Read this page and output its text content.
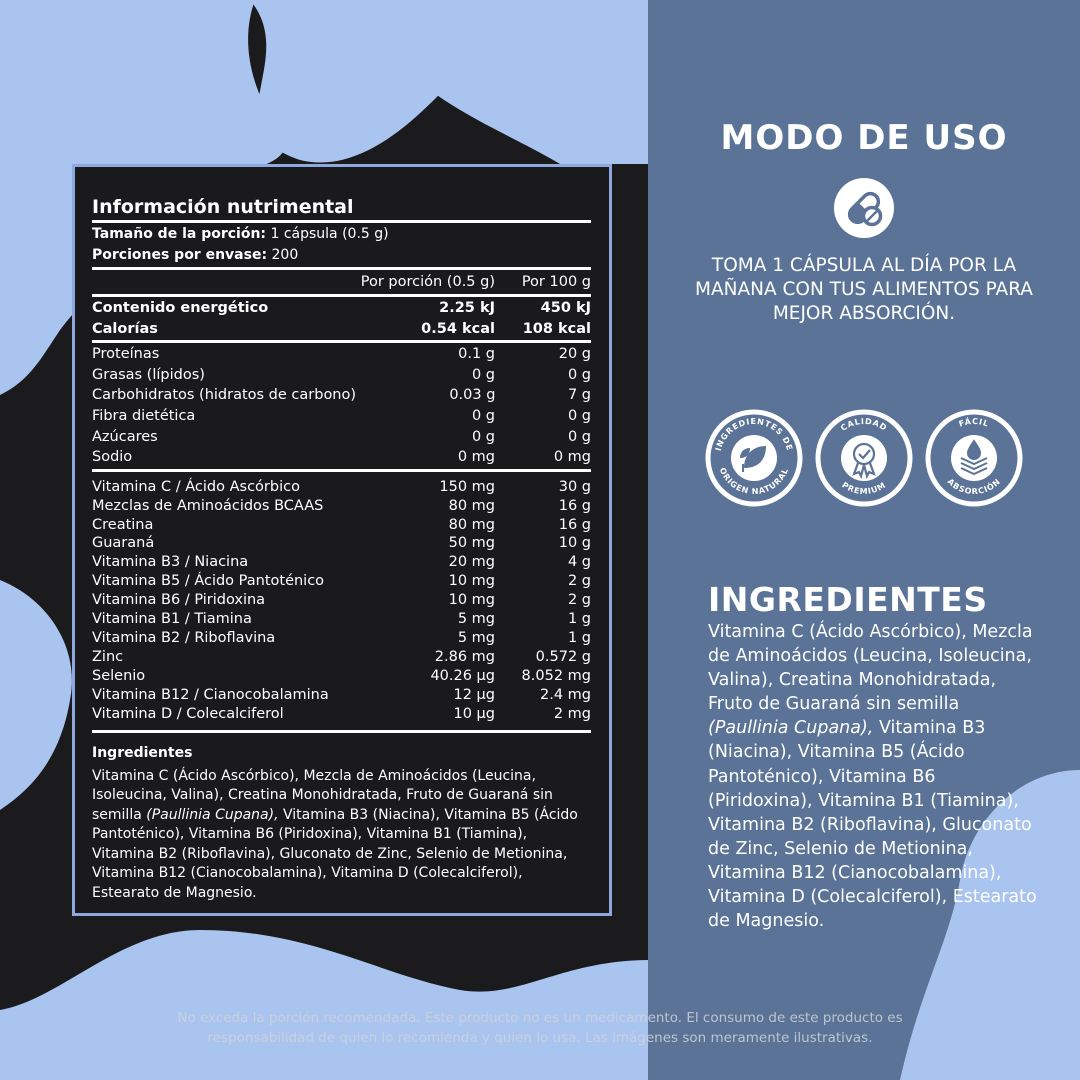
Información nutrimental
Tamaño de la porción: 1 cápsula (0.5 g)
Porciones por envase: 200
Por porción (0.5 g)	Por 100 g
Contenido energético	2.25 kJ	450 kJ
Calorías	0.54 kcal	108 kcal
Proteínas	0.1 g	20 g
Grasas (lípidos)	0 g	0 g
Carbohidratos (hidratos de carbono)	0.03 g	7 g
Fibra dietética	0 g	0 g
Azúcares	0 g	0 g
Sodio	0 mg	0 mg
Vitamina C / Ácido Ascórbico	150 mg	30 g
Mezclas de Aminoácidos BCAAS	80 mg	16 g
Creatina	80 mg	16 g
Guaraná	50 mg	10 g
Vitamina B3 / Niacina	20 mg	4 g
Vitamina B5 / Ácido Pantoténico	10 mg	2 g
Vitamina B6 / Piridoxina	10 mg	2 g
Vitamina B1 / Tiamina	5 mg	1 g
Vitamina B2 / Riboflavina	5 mg	1 g
Zinc	2.86 mg	0.572 g
Selenio	40.26 µg	8.052 mg
Vitamina B12 / Cianocobalamina	12 µg	2.4 mg
Vitamina D / Colecalciferol	10 µg	2 mg
Ingredientes
Vitamina C (Ácido Ascórbico), Mezcla de Aminoácidos (Leucina, Isoleucina, Valina), Creatina Monohidratada, Fruto de Guaraná sin semilla (Paullinia Cupana), Vitamina B3 (Niacina), Vitamina B5 (Ácido Pantoténico), Vitamina B6 (Piridoxina), Vitamina B1 (Tiamina), Vitamina B2 (Riboflavina), Gluconato de Zinc, Selenio de Metionina, Vitamina B12 (Cianocobalamina), Vitamina D (Colecalciferol), Estearato de Magnesio.
MODO DE USO
TOMA 1 CÁPSULA AL DÍA POR LA MAÑANA CON TUS ALIMENTOS PARA MEJOR ABSORCIÓN.
INGREDIENTES DE
ORIGEN NATURAL
CALIDAD
PREMIUM
FÁCIL
ABSORCIÓN
INGREDIENTES
Vitamina C (Ácido Ascórbico), Mezcla de Aminoácidos (Leucina, Isoleucina, Valina), Creatina Monohidratada, Fruto de Guaraná sin semilla (Paullinia Cupana), Vitamina B3 (Niacina), Vitamina B5 (Ácido Pantoténico), Vitamina B6 (Piridoxina), Vitamina B1 (Tiamina), Vitamina B2 (Riboflavina), Gluconato de Zinc, Selenio de Metionina, Vitamina B12 (Cianocobalamina), Vitamina D (Colecalciferol), Estearato de Magnesio.
No exceda la porción recomendada. Este producto no es un medicamento. El consumo de este producto es
responsabilidad de quien lo recomienda y quien lo usa. Las imágenes son meramente ilustrativas.
